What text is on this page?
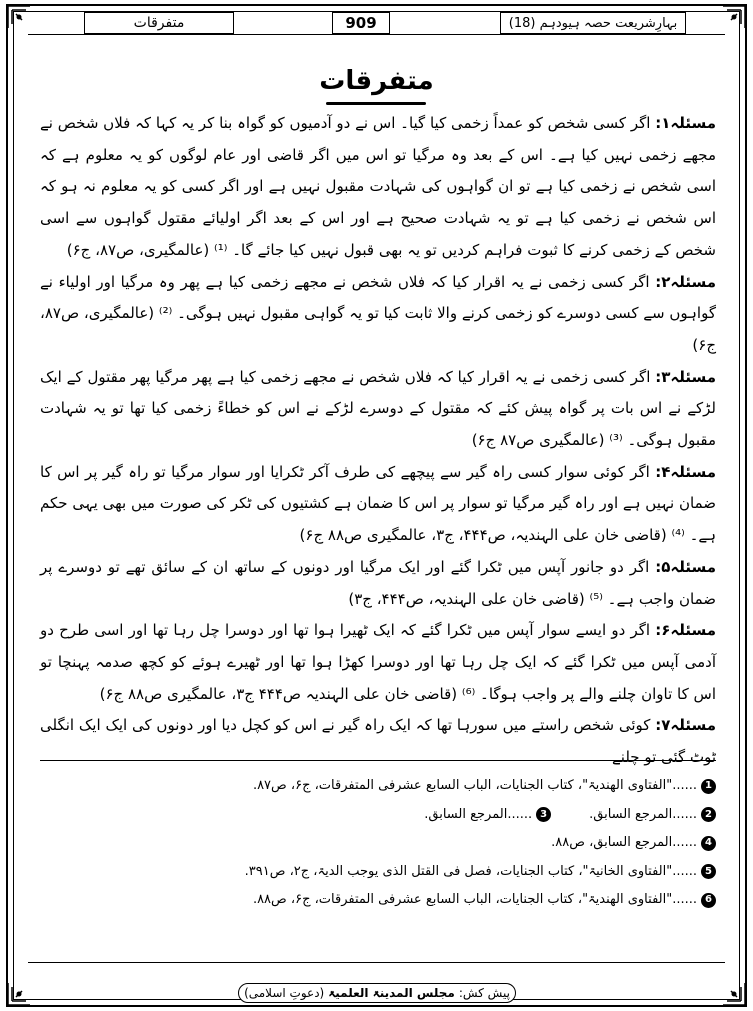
متفرقات	909	بہارِشریعت حصہ ہیودہم (18)
متفرقات

مسئلہ۱: اگر کسی شخص کو عمداً زخمی کیا گیا۔ اس نے دو آدمیوں کو گواہ بنا کر یہ کہا کہ فلاں شخص نے مجھے زخمی نہیں کیا ہے۔ اس کے بعد وہ مرگیا تو اس میں اگر قاضی اور عام لوگوں کو یہ معلوم ہے کہ اسی شخص نے زخمی کیا ہے تو ان گواہوں کی شہادت مقبول نہیں ہے اور اگر کسی کو یہ معلوم نہ ہو کہ اس شخص نے زخمی کیا ہے تو یہ شہادت صحیح ہے اور اس کے بعد اگر اولیائے مقتول گواہوں سے اسی شخص کے زخمی کرنے کا ثبوت فراہم کردیں تو یہ بھی قبول نہیں کیا جائے گا۔ ⁽¹⁾ (عالمگیری، ص۸۷، ج۶)

مسئلہ۲: اگر کسی زخمی نے یہ اقرار کیا کہ فلاں شخص نے مجھے زخمی کیا ہے پھر وہ مرگیا اور اولیاء نے گواہوں سے کسی دوسرے کو زخمی کرنے والا ثابت کیا تو یہ گواہی مقبول نہیں ہوگی۔ ⁽²⁾ (عالمگیری، ص۸۷، ج۶)

مسئلہ۳: اگر کسی زخمی نے یہ اقرار کیا کہ فلاں شخص نے مجھے زخمی کیا ہے پھر مرگیا پھر مقتول کے ایک لڑکے نے اس بات پر گواہ پیش کئے کہ مقتول کے دوسرے لڑکے نے اس کو خطاءً زخمی کیا تھا تو یہ شہادت مقبول ہوگی۔ ⁽³⁾ (عالمگیری ص۸۷ ج۶)

مسئلہ۴: اگر کوئی سوار کسی راہ گیر سے پیچھے کی طرف آکر ٹکرایا اور سوار مرگیا تو راہ گیر پر اس کا ضمان نہیں ہے اور راہ گیر مرگیا تو سوار پر اس کا ضمان ہے کشتیوں کی ٹکر کی صورت میں بھی یہی حکم ہے۔ ⁽⁴⁾ (قاضی خان علی الہندیہ، ص۴۴۴، ج۳، عالمگیری ص۸۸ ج۶)

مسئلہ۵: اگر دو جانور آپس میں ٹکرا گئے اور ایک مرگیا اور دونوں کے ساتھ ان کے سائق تھے تو دوسرے پر ضمان واجب ہے۔ ⁽⁵⁾ (قاضی خان علی الہندیہ، ص۴۴۴، ج۳)

مسئلہ۶: اگر دو ایسے سوار آپس میں ٹکرا گئے کہ ایک ٹھیرا ہوا تھا اور دوسرا چل رہا تھا اور اسی طرح دو آدمی آپس میں ٹکرا گئے کہ ایک چل رہا تھا اور دوسرا کھڑا ہوا تھا اور ٹھیرے ہوئے کو کچھ صدمہ پہنچا تو اس کا تاوان چلنے والے پر واجب ہوگا۔ ⁽⁶⁾ (قاضی خان علی الہندیہ ص۴۴۴ ج۳، عالمگیری ص۸۸ ج۶)

مسئلہ۷: کوئی شخص راستے میں سورہا تھا کہ ایک راہ گیر نے اس کو کچل دیا اور دونوں کی ایک ایک انگلی ٹوٹ گئی تو چلنے

1
......"الفتاوی الھندیۃ"، کتاب الجنایات، الباب السابع عشرفی المتفرقات، ج۶، ص۸۷.
2
......المرجع السابق.
3
......المرجع السابق.
4
......المرجع السابق، ص۸۸.
5
......"الفتاوی الخانیۃ"، کتاب الجنایات، فصل فی القتل الذی یوجب الدیۃ، ج۲، ص۳۹۱.
6
......"الفتاوی الھندیۃ"، کتاب الجنایات، الباب السابع عشرفی المتفرقات، ج۶، ص۸۸.
پیش کش:
مجلس المدینۃ العلمیۃ
(دعوتِ اسلامی)
